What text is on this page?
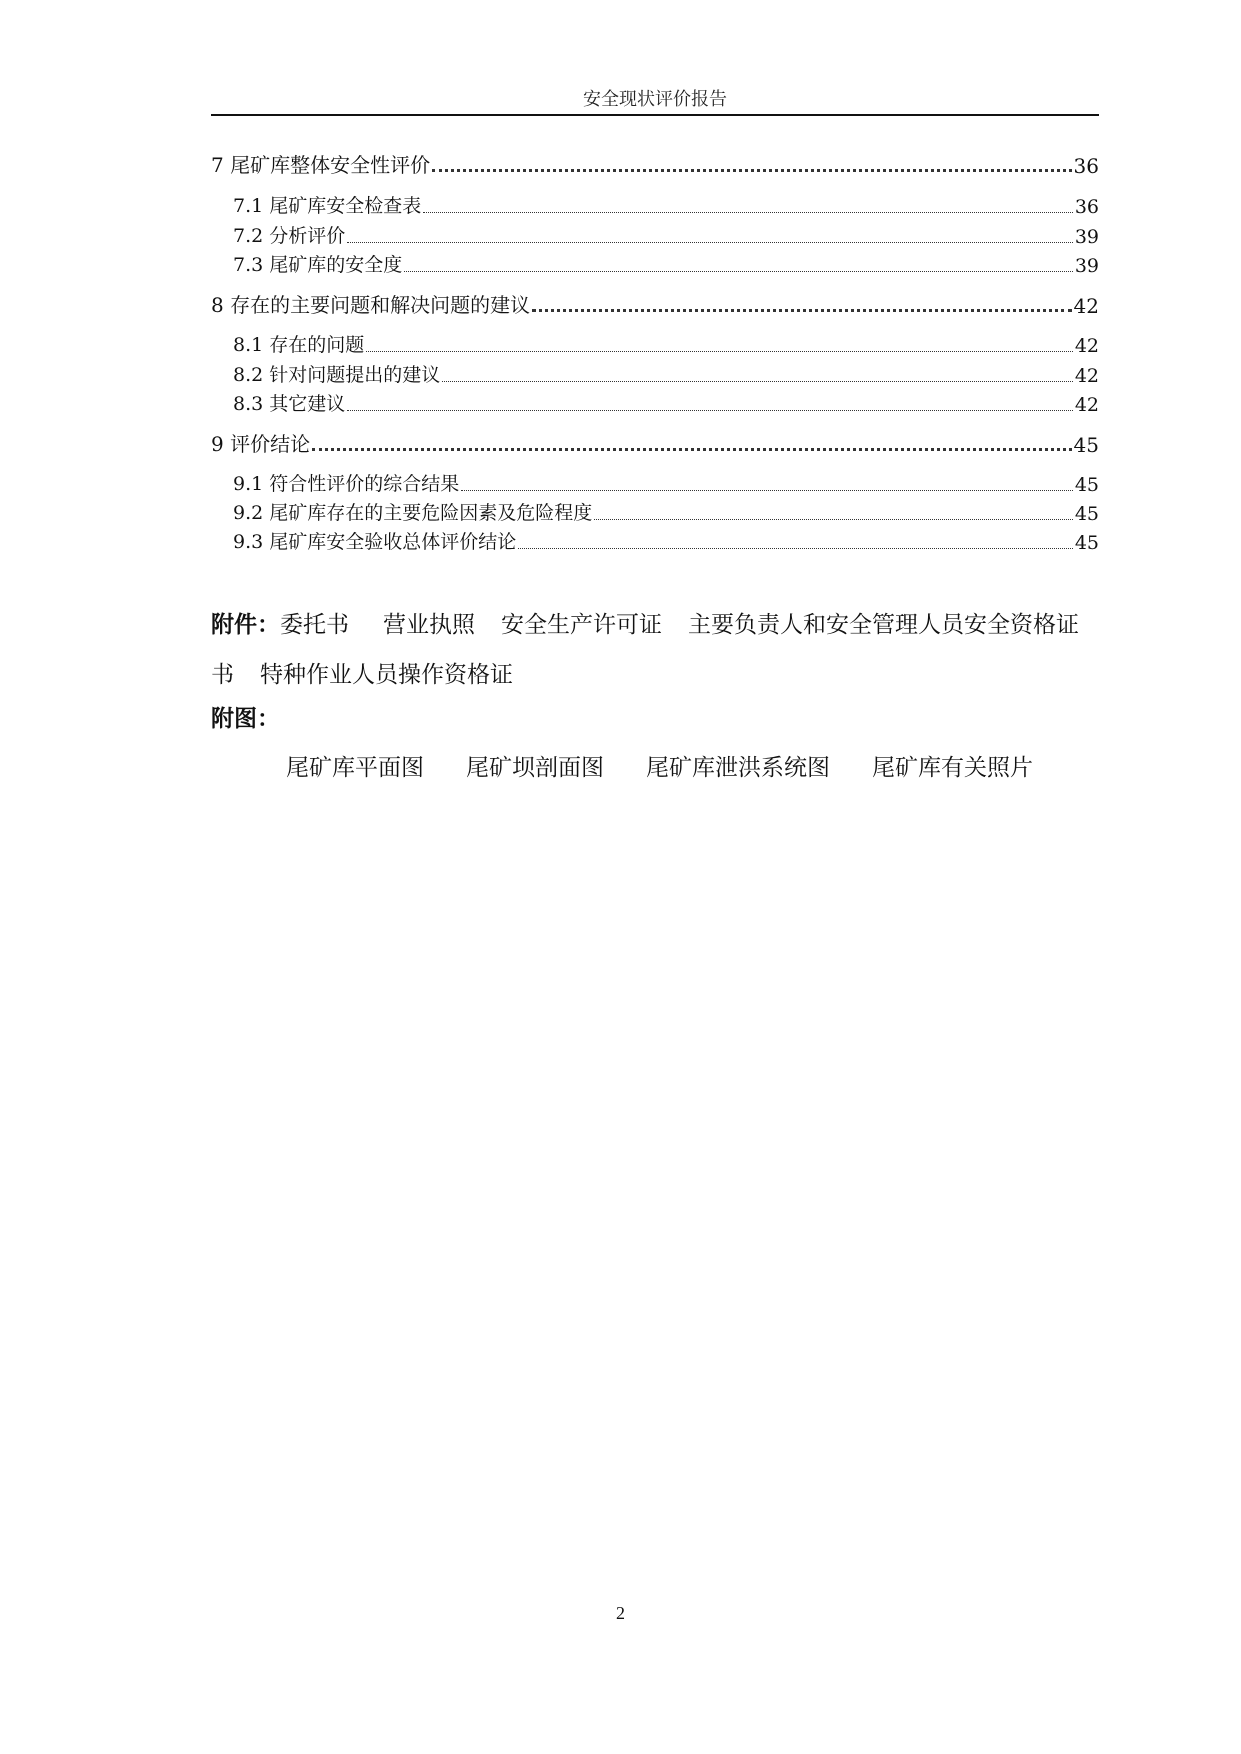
安全现状评价报告
7 尾矿库整体安全性评价	36
7.1 尾矿库安全检查表	36
7.2 分析评价	39
7.3 尾矿库的安全度	39
8 存在的主要问题和解决问题的建议	42
8.1 存在的问题	42
8.2 针对问题提出的建议	42
8.3 其它建议	42
9 评价结论	45
9.1 符合性评价的综合结果	45
9.2 尾矿库存在的主要危险因素及危险程度	45
9.3 尾矿库安全验收总体评价结论	45
附件：委托书 营业执照 安全生产许可证 主要负责人和安全管理人员安全资格证书 特种作业人员操作资格证
附图：
尾矿库平面图 尾矿坝剖面图 尾矿库泄洪系统图 尾矿库有关照片
2
